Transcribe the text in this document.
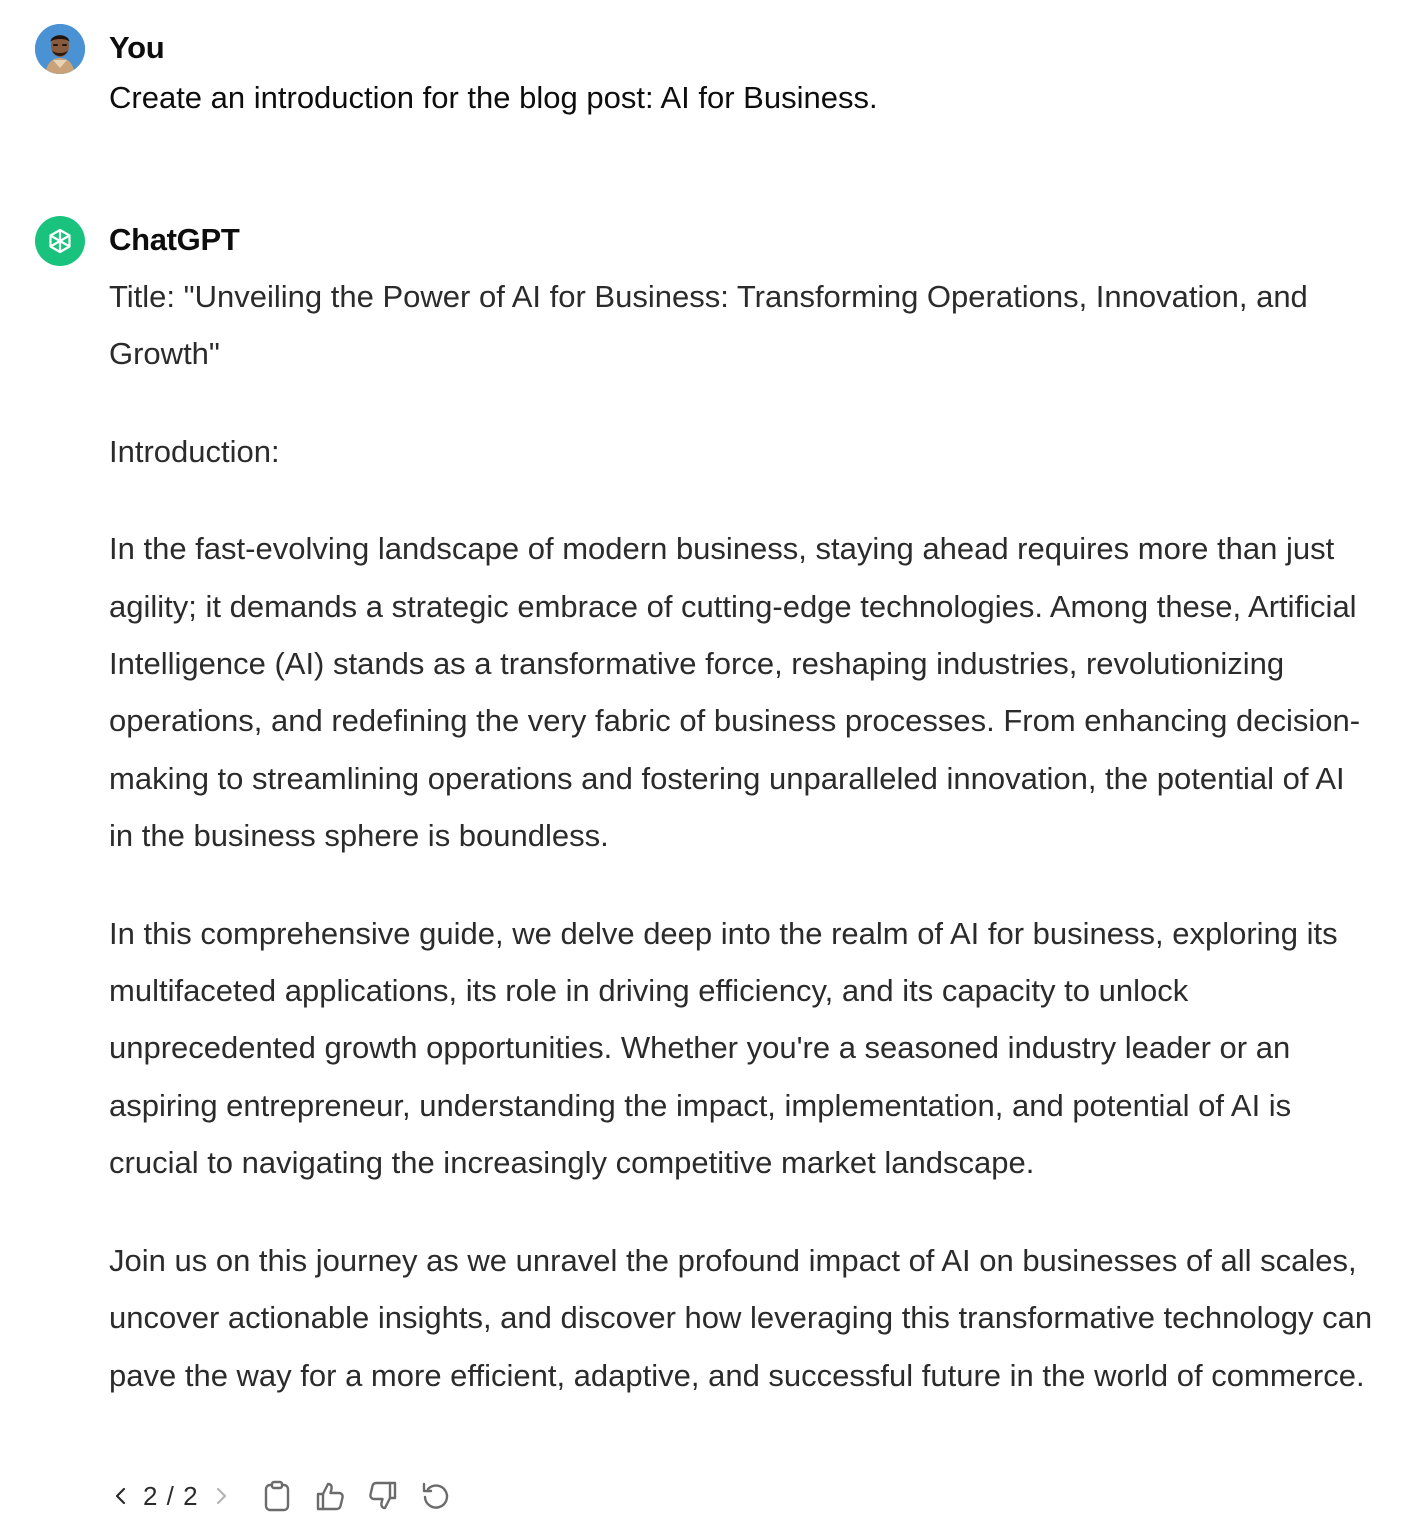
You
Create an introduction for the blog post: AI for Business.
ChatGPT

Title: "Unveiling the Power of AI for Business: Transforming Operations, Innovation, and Growth"

Introduction:

In the fast-evolving landscape of modern business, staying ahead requires more than just agility; it demands a strategic embrace of cutting-edge technologies. Among these, Artificial Intelligence (AI) stands as a transformative force, reshaping industries, revolutionizing operations, and redefining the very fabric of business processes. From enhancing decision-making to streamlining operations and fostering unparalleled innovation, the potential of AI in the business sphere is boundless.

In this comprehensive guide, we delve deep into the realm of AI for business, exploring its multifaceted applications, its role in driving efficiency, and its capacity to unlock unprecedented growth opportunities. Whether you're a seasoned industry leader or an aspiring entrepreneur, understanding the impact, implementation, and potential of AI is crucial to navigating the increasingly competitive market landscape.

Join us on this journey as we unravel the profound impact of AI on businesses of all scales, uncover actionable insights, and discover how leveraging this transformative technology can pave the way for a more efficient, adaptive, and successful future in the world of commerce.

2 / 2
